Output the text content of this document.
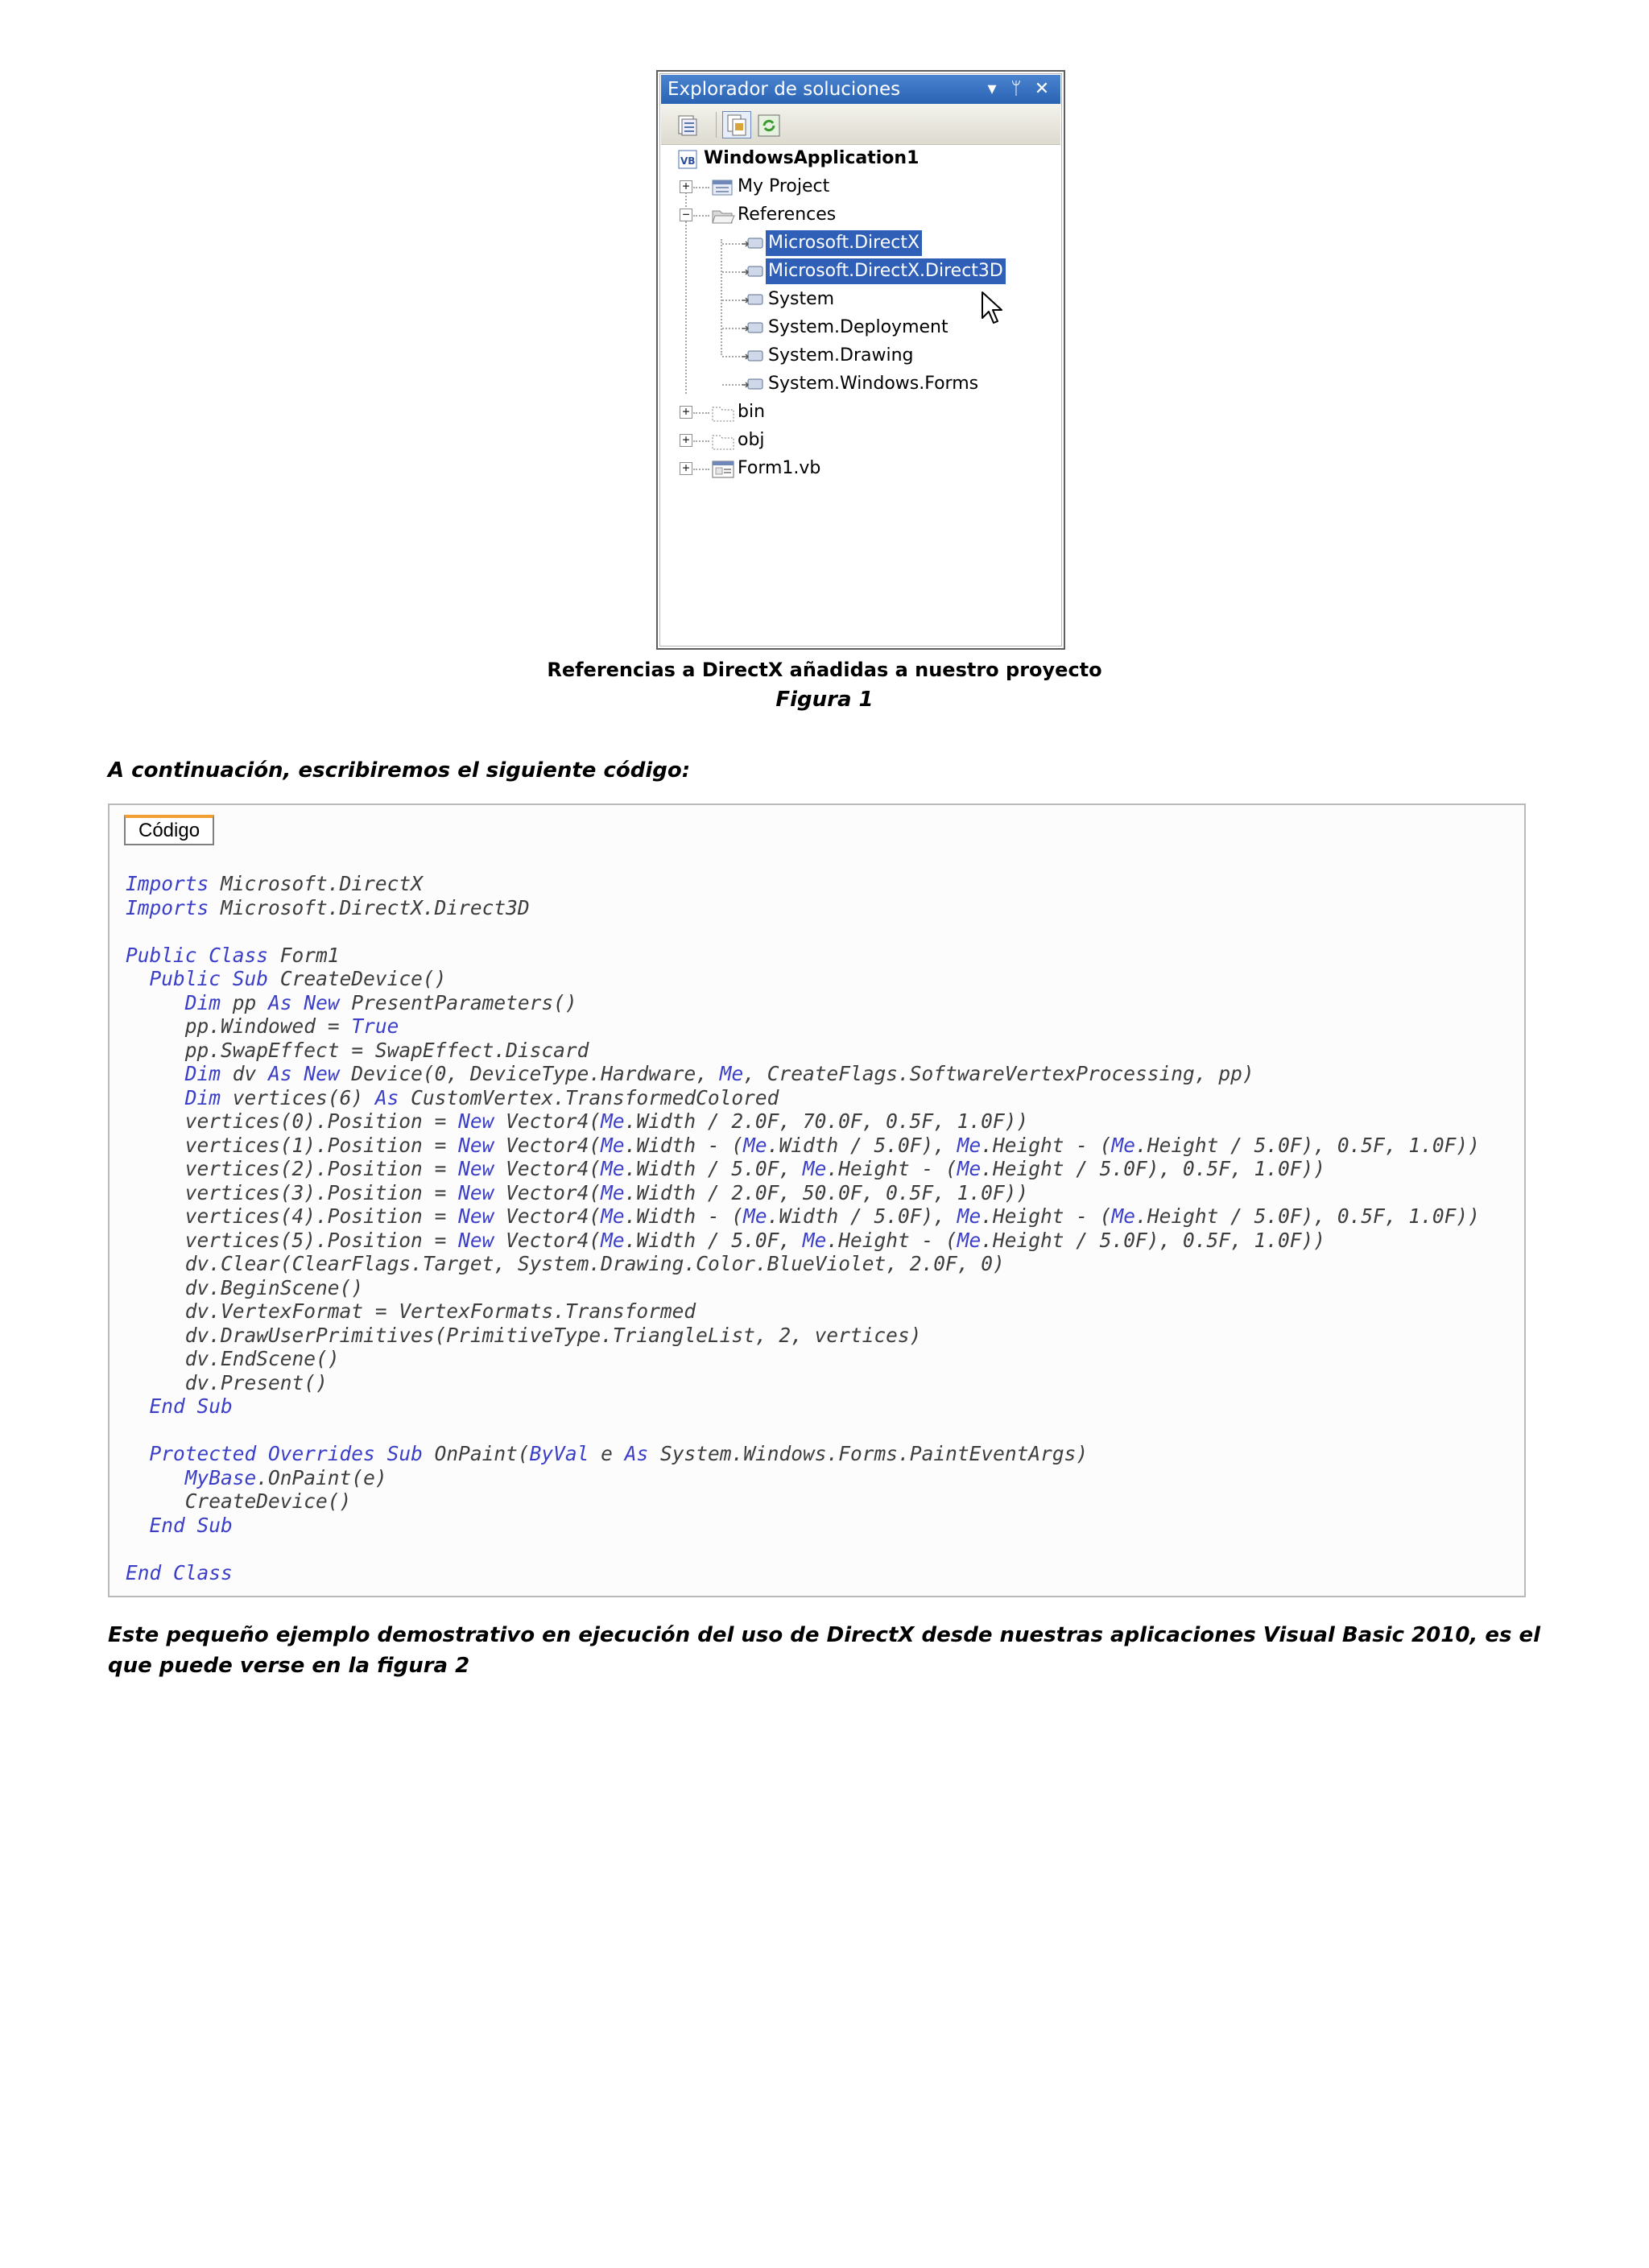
Explorador de soluciones	▾ ᛘ ✕
VB WindowsApplication1
+	My Project
−	References
Microsoft.DirectX
Microsoft.DirectX.Direct3D
System
System.Deployment
System.Drawing
System.Windows.Forms
+	bin
+	obj
+	Form1.vb
Referencias a DirectX añadidas a nuestro proyecto
Figura 1
A continuación, escribiremos el siguiente código:
Código
Imports Microsoft.DirectX
Imports Microsoft.DirectX.Direct3D

Public Class Form1
Public Sub CreateDevice()
Dim pp As New PresentParameters()
pp.Windowed = True
pp.SwapEffect = SwapEffect.Discard
Dim dv As New Device(0, DeviceType.Hardware, Me, CreateFlags.SoftwareVertexProcessing, pp)
Dim vertices(6) As CustomVertex.TransformedColored
vertices(0).Position = New Vector4(Me.Width / 2.0F, 70.0F, 0.5F, 1.0F))
vertices(1).Position = New Vector4(Me.Width - (Me.Width / 5.0F), Me.Height - (Me.Height / 5.0F), 0.5F, 1.0F))
vertices(2).Position = New Vector4(Me.Width / 5.0F, Me.Height - (Me.Height / 5.0F), 0.5F, 1.0F))
vertices(3).Position = New Vector4(Me.Width / 2.0F, 50.0F, 0.5F, 1.0F))
vertices(4).Position = New Vector4(Me.Width - (Me.Width / 5.0F), Me.Height - (Me.Height / 5.0F), 0.5F, 1.0F))
vertices(5).Position = New Vector4(Me.Width / 5.0F, Me.Height - (Me.Height / 5.0F), 0.5F, 1.0F))
dv.Clear(ClearFlags.Target, System.Drawing.Color.BlueViolet, 2.0F, 0)
dv.BeginScene()
dv.VertexFormat = VertexFormats.Transformed
dv.DrawUserPrimitives(PrimitiveType.TriangleList, 2, vertices)
dv.EndScene()
dv.Present()
End Sub

Protected Overrides Sub OnPaint(ByVal e As System.Windows.Forms.PaintEventArgs)
MyBase.OnPaint(e)
CreateDevice()
End Sub

End Class
Este pequeño ejemplo demostrativo en ejecución del uso de DirectX desde nuestras aplicaciones Visual Basic 2010, es el que puede verse en la figura 2
